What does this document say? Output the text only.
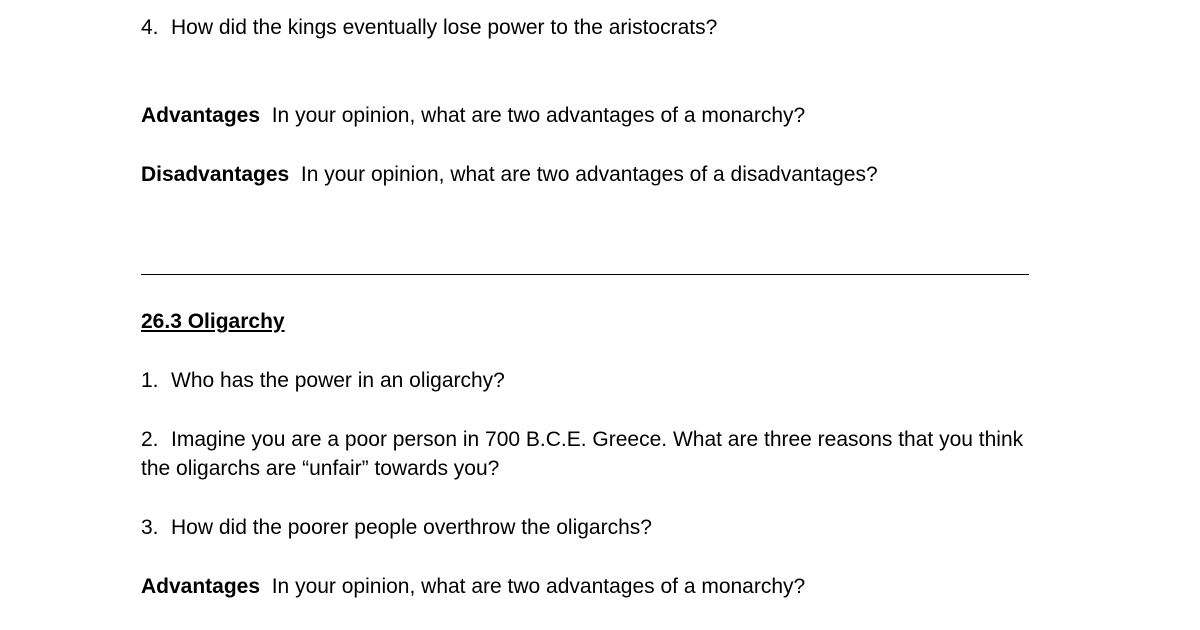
4. How did the kings eventually lose power to the aristocrats?
Advantages In your opinion, what are two advantages of a monarchy?
Disadvantages In your opinion, what are two advantages of a disadvantages?
26.3 Oligarchy
1. Who has the power in an oligarchy?
2. Imagine you are a poor person in 700 B.C.E. Greece. What are three reasons that you think
the oligarchs are “unfair” towards you?
3. How did the poorer people overthrow the oligarchs?
Advantages In your opinion, what are two advantages of a monarchy?
